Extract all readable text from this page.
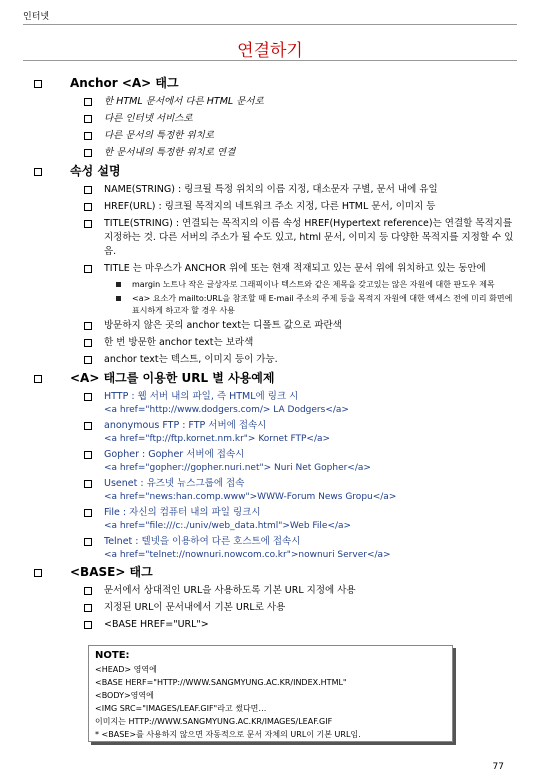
인터넷
연결하기
Anchor <A> 태그
한 HTML 문서에서 다른 HTML 문서로
다른 인터넷 서비스로
다른 문서의 특정한 위치로
한 문서내의 특정한 위치로 연결
속성 설명
NAME(STRING) : 링크될 특정 위치의 이름 지정, 대소문자 구별, 문서 내에 유일
HREF(URL) : 링크될 목적지의 네트워크 주소 지정, 다른 HTML 문서, 이미지 등
TITLE(STRING) : 연결되는 목적지의 이름 속성 HREF(Hypertext reference)는 연결할 목적지를 지정하는 것. 다른 서버의 주소가 될 수도 있고, html 문서, 이미지 등 다양한 목적지를 지정할 수 있음.
TITLE 는 마우스가 ANCHOR 위에 또는 현재 적재되고 있는 문서 위에 위치하고 있는 동안에
margin 노트나 작은 글상자로 그래픽이나 텍스트와 같은 제목을 갖고있는 않은 자원에 대한 판도우 제목
<a> 요소가 mailto:URL을 참조할 때 E-mail 주소의 주제 등을 목적지 자원에 대한 액세스 전에 미리 화면에 표시하게 하고자 할 경우 사용
방문하지 않은 곳의 anchor text는 디폴트 값으로 파란색
한 번 방문한 anchor text는 보라색
anchor text는 텍스트, 이미지 등이 가능.
<A> 태그를 이용한 URL 별 사용예제
HTTP : 웹 서버 내의 파일, 즉 HTML에 링크 시
<a href="http://www.dodgers.com/> LA Dodgers</a>
anonymous FTP : FTP 서버에 접속시
<a href="ftp://ftp.kornet.nm.kr"> Kornet FTP</a>
Gopher : Gopher 서버에 접속시
<a href="gopher://gopher.nuri.net"> Nuri Net Gopher</a>
Usenet : 유즈넷 뉴스그룹에 접속
<a href="news:han.comp.www">WWW-Forum News Gropu</a>
File : 자신의 컴퓨터 내의 파일 링크시
<a href="file:///c:./univ/web_data.html">Web File</a>
Telnet : 텔넷을 이용하여 다른 호스트에 접속시
<a href="telnet://nownuri.nowcom.co.kr">nownuri Server</a>
<BASE> 태그
문서에서 상대적인 URL을 사용하도록 기본 URL 지정에 사용
지정된 URL이 문서내에서 기본 URL로 사용
<BASE HREF="URL">
NOTE:
<HEAD> 영역에
<BASE HERF="HTTP://WWW.SANGMYUNG.AC.KR/INDEX.HTML"
<BODY>영역에
<IMG SRC="IMAGES/LEAF.GIF"라고 썼다면…
이미지는 HTTP://WWW.SANGMYUNG.AC.KR/IMAGES/LEAF.GIF
* <BASE>를 사용하지 않으면 자동적으로 문서 자체의 URL이 기본 URL임.
77
